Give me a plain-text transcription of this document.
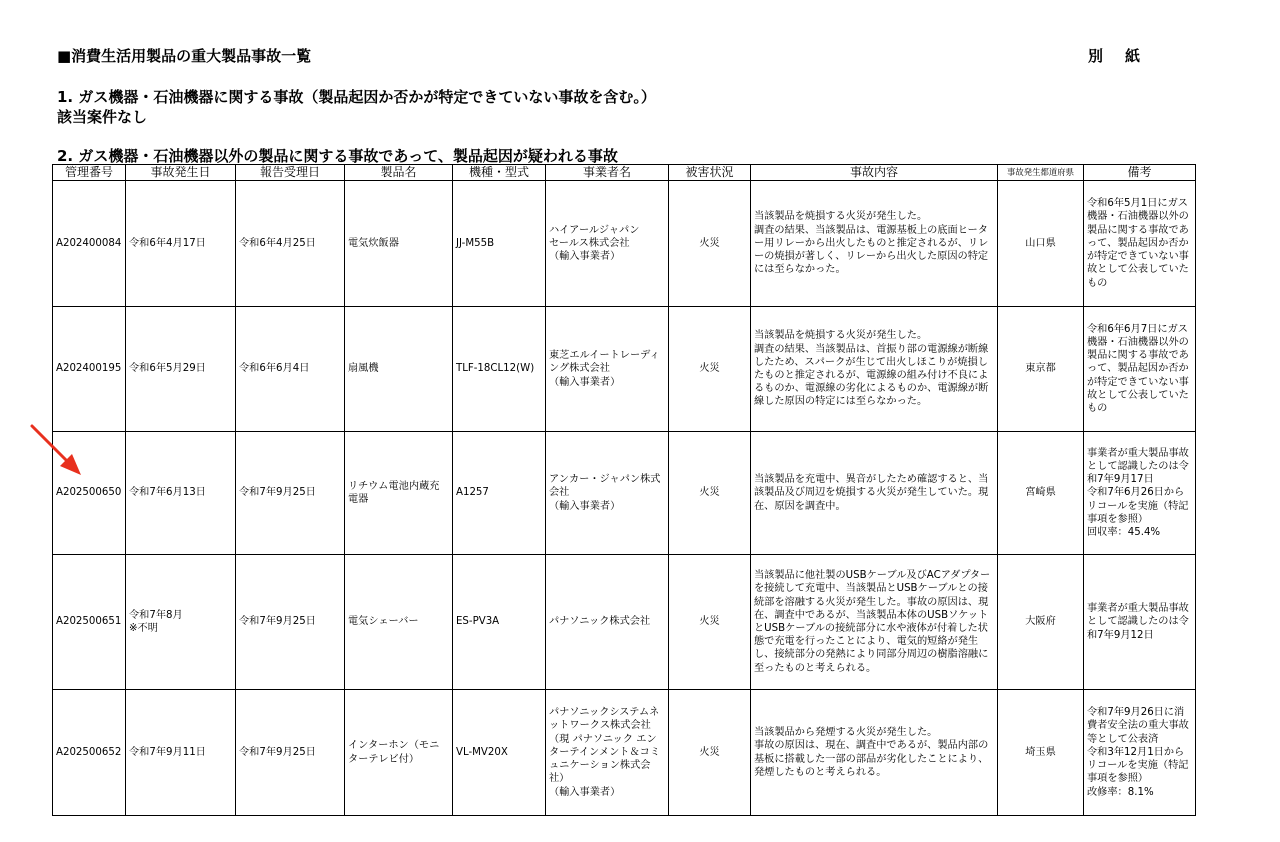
■消費生活用製品の重大製品事故一覧	別紙
1. ガス機器・石油機器に関する事故（製品起因か否かが特定できていない事故を含む。）
該当案件なし
2. ガス機器・石油機器以外の製品に関する事故であって、製品起因が疑われる事故
管理番号	事故発生日	報告受理日	製品名	機種・型式	事業者名	被害状況	事故内容	事故発生都道府県	備考
A202400084	令和6年4月17日	令和6年4月25日	電気炊飯器	JJ-M55B	ハイアールジャパン
セールス株式会社
（輸入事業者）	火災	当該製品を焼損する火災が発生した。
調査の結果、当該製品は、電源基板上の底面ヒーター用リレーから出火したものと推定されるが、リレーの焼損が著しく、リレーから出火した原因の特定には至らなかった。	山口県	令和6年5月1日にガス機器・石油機器以外の製品に関する事故であって、製品起因か否かが特定できていない事故として公表していたもの
A202400195	令和6年5月29日	令和6年6月4日	扇風機	TLF-18CL12(W)	東芝エルイートレーディング株式会社
（輸入事業者）	火災	当該製品を焼損する火災が発生した。
調査の結果、当該製品は、首振り部の電源線が断線したため、スパークが生じて出火しほこりが焼損したものと推定されるが、電源線の組み付け不良によるものか、電源線の劣化によるものか、電源線が断線した原因の特定には至らなかった。	東京都	令和6年6月7日にガス機器・石油機器以外の製品に関する事故であって、製品起因か否かが特定できていない事故として公表していたもの
A202500650	令和7年6月13日	令和7年9月25日	リチウム電池内蔵充電器	A1257	アンカー・ジャパン株式会社
（輸入事業者）	火災	当該製品を充電中、異音がしたため確認すると、当該製品及び周辺を焼損する火災が発生していた。現在、原因を調査中。	宮崎県	事業者が重大製品事故として認識したのは令和7年9月17日
令和7年6月26日からリコールを実施（特記事項を参照）
回収率：45.4%
A202500651	令和7年8月
※不明	令和7年9月25日	電気シェーバー	ES-PV3A	パナソニック株式会社	火災	当該製品に他社製のUSBケーブル及びACアダプターを接続して充電中、当該製品とUSBケーブルとの接続部を溶融する火災が発生した。事故の原因は、現在、調査中であるが、当該製品本体のUSBソケットとUSBケーブルの接続部分に水や液体が付着した状態で充電を行ったことにより、電気的短絡が発生し、接続部分の発熱により同部分周辺の樹脂溶融に至ったものと考えられる。	大阪府	事業者が重大製品事故として認識したのは令和7年9月12日
A202500652	令和7年9月11日	令和7年9月25日	インターホン（モニターテレビ付）	VL-MV20X	パナソニックシステムネットワークス株式会社（現 パナソニック エンターテインメント＆コミュニケーション株式会社）
（輸入事業者）	火災	当該製品から発煙する火災が発生した。
事故の原因は、現在、調査中であるが、製品内部の基板に搭載した一部の部品が劣化したことにより、発煙したものと考えられる。	埼玉県	令和7年9月26日に消費者安全法の重大事故等として公表済
令和3年12月1日からリコールを実施（特記事項を参照）
改修率：8.1%
